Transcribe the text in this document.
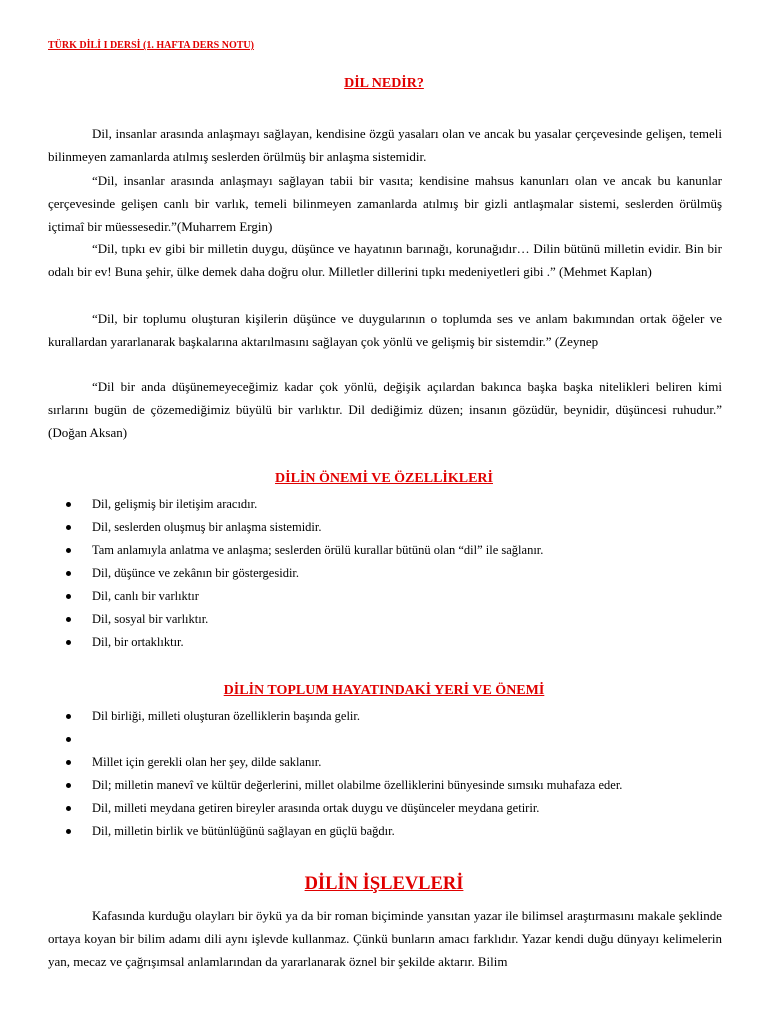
TÜRK DİLİ I DERSİ (1. HAFTA DERS NOTU)
DİL NEDİR?

Dil, insanlar arasında anlaşmayı sağlayan, kendisine özgü yasaları olan ve ancak bu yasalar çerçevesinde gelişen, temeli bilinmeyen zamanlarda atılmış seslerden örülmüş bir anlaşma sistemidir.

“Dil, insanlar arasında anlaşmayı sağlayan tabii bir vasıta; kendisine mahsus kanunları olan ve ancak bu kanunlar çerçevesinde gelişen canlı bir varlık, temeli bilinmeyen zamanlarda atılmış bir gizli antlaşmalar sistemi, seslerden örülmüş içtimaî bir müessesedir.”(Muharrem Ergin)

“Dil, tıpkı ev gibi bir milletin duygu, düşünce ve hayatının barınağı, korunağıdır… Dilin bütünü milletin evidir. Bin bir odalı bir ev! Buna şehir, ülke demek daha doğru olur. Milletler dillerini tıpkı medeniyetleri gibi .” (Mehmet Kaplan)

“Dil, bir toplumu oluşturan kişilerin düşünce ve duygularının o toplumda ses ve anlam bakımından ortak öğeler ve kurallardan yararlanarak başkalarına aktarılmasını sağlayan çok yönlü ve gelişmiş bir sistemdir.” (Zeynep

“Dil bir anda düşünemeyeceğimiz kadar çok yönlü, değişik açılardan bakınca başka başka nitelikleri beliren kimi sırlarını bugün de çözemediğimiz büyülü bir varlıktır. Dil dediğimiz düzen; insanın gözüdür, beynidir, düşüncesi ruhudur.” (Doğan Aksan)

DİLİN ÖNEMİ VE ÖZELLİKLERİ
Dil, gelişmiş bir iletişim aracıdır.
Dil, seslerden oluşmuş bir anlaşma sistemidir.
Tam anlamıyla anlatma ve anlaşma; seslerden örülü kurallar bütünü olan “dil” ile sağlanır.
Dil, düşünce ve zekânın bir göstergesidir.
Dil, canlı bir varlıktır
Dil, sosyal bir varlıktır.
Dil, bir ortaklıktır.
DİLİN TOPLUM HAYATINDAKİ YERİ VE ÖNEMİ
Dil birliği, milleti oluşturan özelliklerin başında gelir.
Millet için gerekli olan her şey, dilde saklanır.
Dil; milletin manevî ve kültür değerlerini, millet olabilme özelliklerini bünyesinde sımsıkı muhafaza eder.
Dil, milleti meydana getiren bireyler arasında ortak duygu ve düşünceler meydana getirir.
Dil, milletin birlik ve bütünlüğünü sağlayan en güçlü bağdır.
DİLİN İŞLEVLERİ

Kafasında kurduğu olayları bir öykü ya da bir roman biçiminde yansıtan yazar ile bilimsel araştırmasını makale şeklinde ortaya koyan bir bilim adamı dili aynı işlevde kullanmaz. Çünkü bunların amacı farklıdır. Yazar kendi duğu dünyayı kelimelerin yan, mecaz ve çağrışımsal anlamlarından da yararlanarak öznel bir şekilde aktarır. Bilim
